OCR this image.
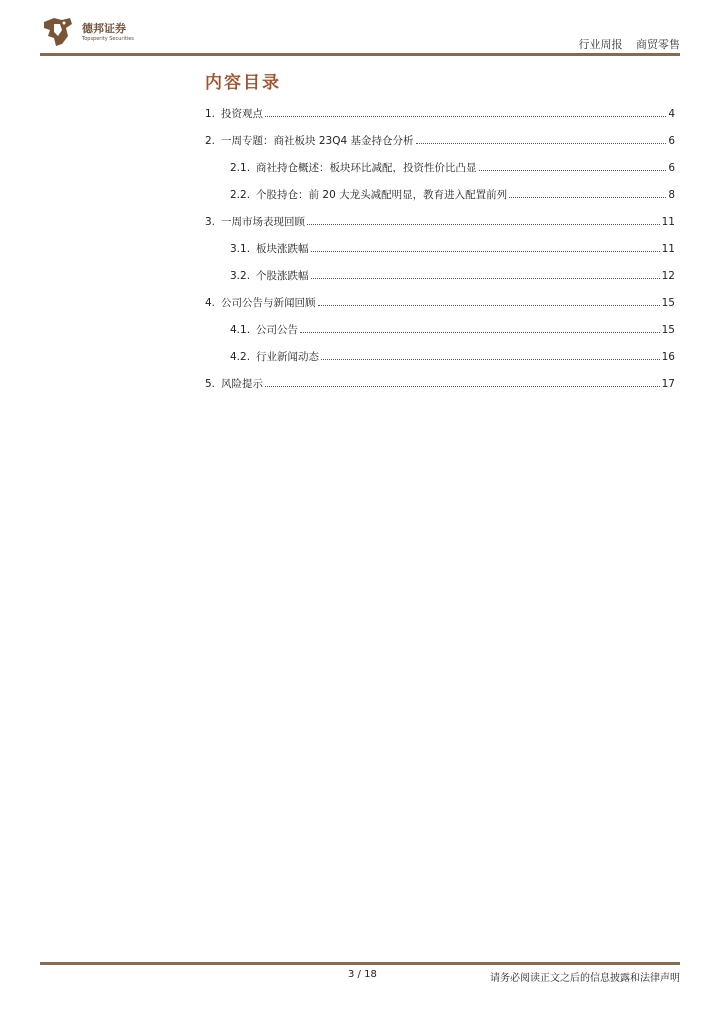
德邦证券
Topsperity Securities	行业周报 商贸零售
内容目录
1. 投资观点	4
2. 一周专题：商社板块 23Q4 基金持仓分析	6
2.1. 商社持仓概述：板块环比减配，投资性价比凸显	6
2.2. 个股持仓：前 20 大龙头减配明显，教育进入配置前列	8
3. 一周市场表现回顾	11
3.1. 板块涨跌幅	11
3.2. 个股涨跌幅	12
4. 公司公告与新闻回顾	15
4.1. 公司公告	15
4.2. 行业新闻动态	16
5. 风险提示	17
3 / 18	请务必阅读正文之后的信息披露和法律声明
